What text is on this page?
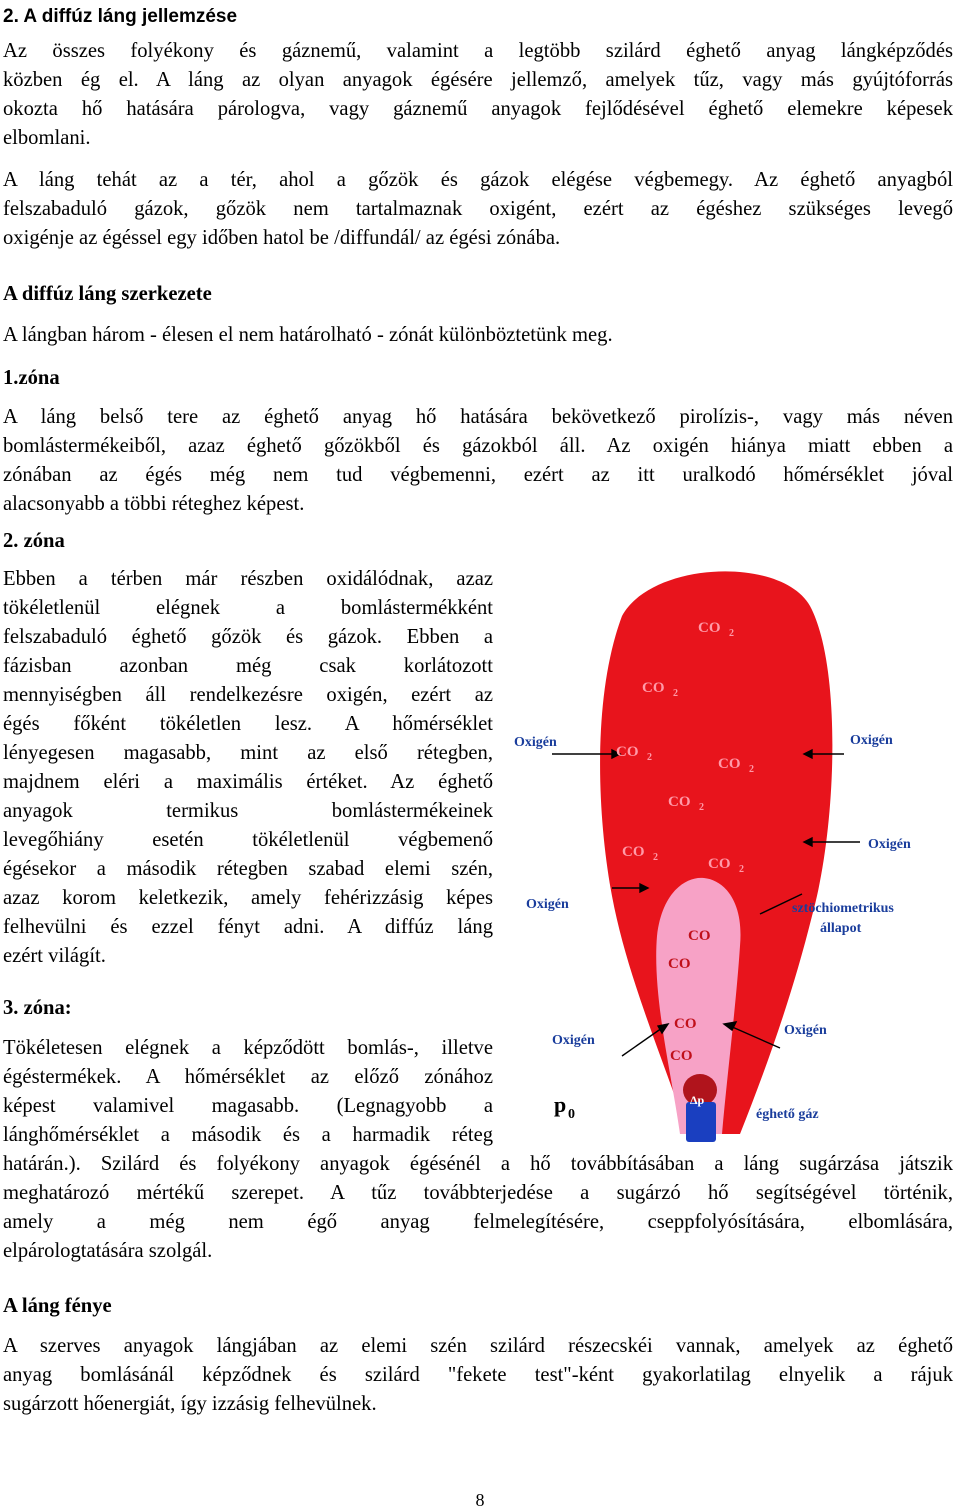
2. A diffúz láng jellemzése
Az összes folyékony és gáznemű, valamint a legtöbb szilárd éghető anyag lángképződés
közben ég el. A láng az olyan anyagok égésére jellemző, amelyek tűz, vagy más gyújtóforrás
okozta hő hatására párologva, vagy gáznemű anyagok fejlődésével éghető elemekre képesek
elbomlani.
A láng tehát az a tér, ahol a gőzök és gázok elégése végbemegy. Az éghető anyagból
felszabaduló gázok, gőzök nem tartalmaznak oxigént, ezért az égéshez szükséges levegő
oxigénje az égéssel egy időben hatol be /diffundál/ az égési zónába.
A diffúz láng szerkezete
A lángban három - élesen el nem határolható - zónát különböztetünk meg.
1.zóna
A láng belső tere az éghető anyag hő hatására bekövetkező pirolízis-, vagy más néven
bomlástermékeiből, azaz éghető gőzökből és gázokból áll. Az oxigén hiánya miatt ebben a
zónában az égés még nem tud végbemenni, ezért az itt uralkodó hőmérséklet jóval
alacsonyabb a többi réteghez képest.
2. zóna
Ebben a térben már részben oxidálódnak, azaz
tökéletlenül elégnek a bomlástermékként
felszabaduló éghető gőzök és gázok. Ebben a
fázisban azonban még csak korlátozott
mennyiségben áll rendelkezésre oxigén, ezért az
égés főként tökéletlen lesz. A hőmérséklet
lényegesen magasabb, mint az első rétegben,
majdnem eléri a maximális értéket. Az éghető
anyagok termikus bomlástermékeinek
levegőhiány esetén tökéletlenül végbemenő
égésekor a második rétegben szabad elemi szén,
azaz korom keletkezik, amely fehérizzásig képes
felhevülni és ezzel fényt adni. A diffúz láng
ezért világít.
3. zóna:
Tökéletesen elégnek a képződött bomlás-, illetve
égéstermékek. A hőmérséklet az előző zónához
képest valamivel magasabb. (Legnagyobb a
lánghőmérséklet a második és a harmadik réteg
határán.). Szilárd és folyékony anyagok égésénél a hő továbbításában a láng sugárzása játszik
meghatározó mértékű szerepet. A tűz továbbterjedése a sugárzó hő segítségével történik,
amely a még nem égő anyag felmelegítésére, cseppfolyósítására, elbomlására,
elpárologtatására szolgál.
A láng fénye
A szerves anyagok lángjában az elemi szén szilárd részecskéi vannak, amelyek az éghető
anyag bomlásánál képződnek és szilárd "fekete test"-ként gyakorlatilag elnyelik a rájuk
sugárzott hőenergiát, így izzásig felhevülnek.
Δp
Oxigén	Oxigén
Oxigén
Oxigén
Oxigén
Oxigén
sztöchiometrikus
állapot
éghető gáz
p 0
CO 2
CO 2
CO 2	CO 2
CO 2
CO 2	CO 2
CO
CO
CO
CO
8
